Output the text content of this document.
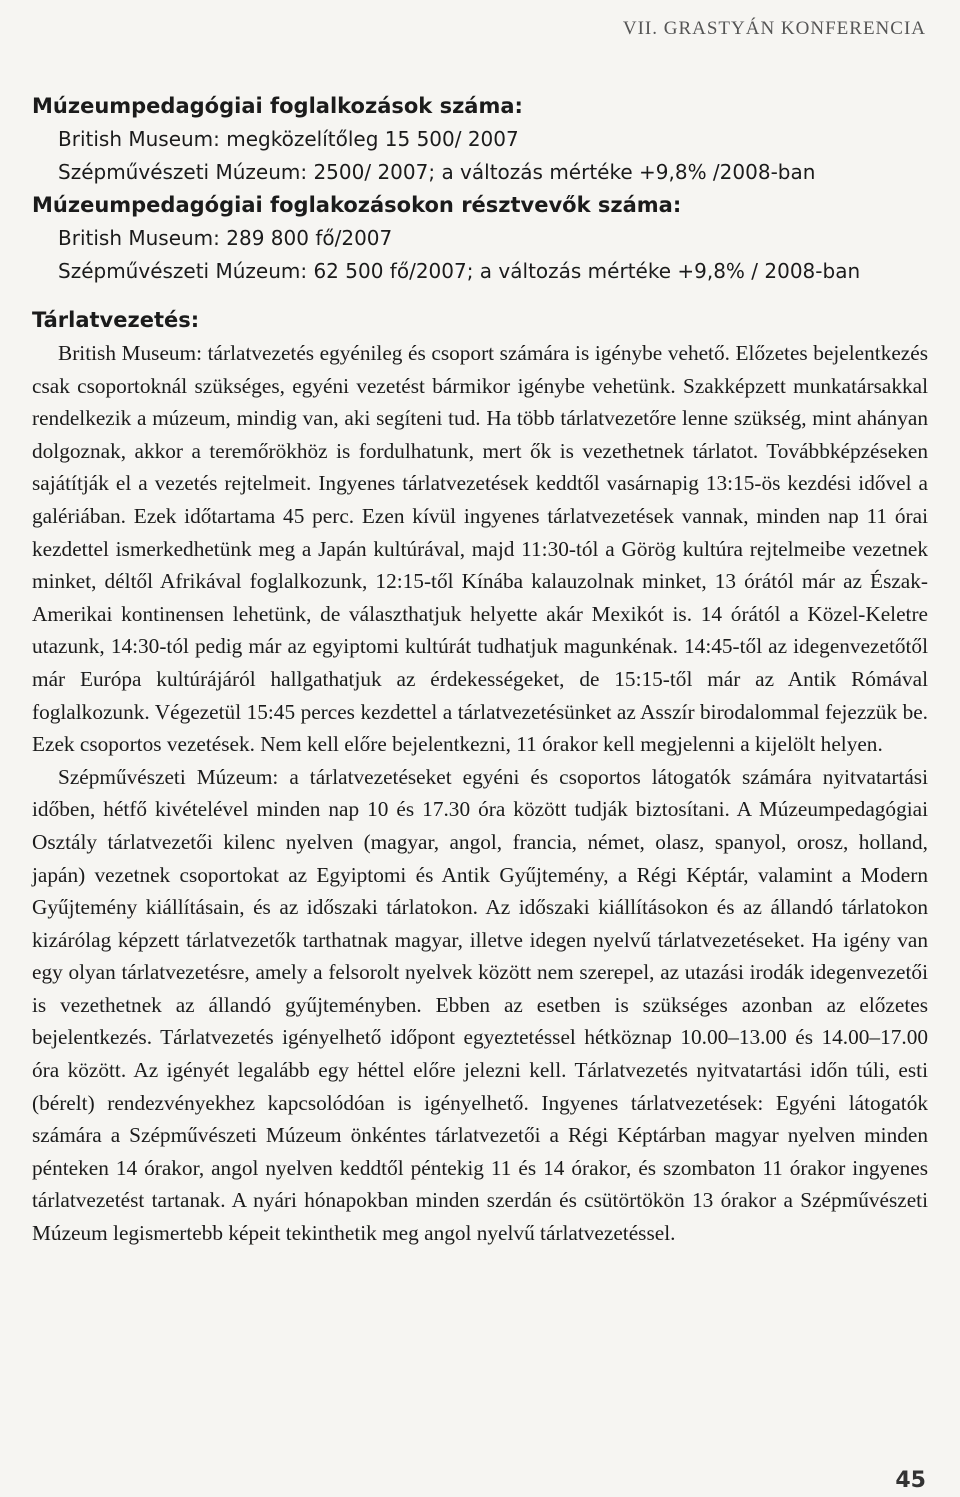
VII. GRASTYÁN KONFERENCIA
Múzeumpedagógiai foglalkozások száma:

British Museum: megközelítőleg 15 500/ 2007

Szépművészeti Múzeum: 2500/ 2007; a változás mértéke +9,8% /2008-ban

Múzeumpedagógiai foglakozásokon résztvevők száma:

British Museum: 289 800 fő/2007

Szépművészeti Múzeum: 62 500 fő/2007; a változás mértéke +9,8% / 2008-ban

Tárlatvezetés:

British Museum: tárlatvezetés egyénileg és csoport számára is igénybe vehető. Előzetes bejelentkezés csak csoportoknál szükséges, egyéni vezetést bármikor igénybe vehetünk. Szakképzett munkatársakkal rendelkezik a múzeum, mindig van, aki segíteni tud. Ha több tárlatvezetőre lenne szükség, mint ahányan dolgoznak, akkor a teremőrökhöz is fordulhatunk, mert ők is vezethetnek tárlatot. Továbbképzéseken sajátítják el a vezetés rejtelmeit. Ingyenes tárlatvezetések keddtől vasárnapig 13:15-ös kezdési idővel a galériában. Ezek időtartama 45 perc. Ezen kívül ingyenes tárlatvezetések vannak, minden nap 11 órai kezdettel ismerkedhetünk meg a Japán kultúrával, majd 11:30-tól a Görög kultúra rejtelmeibe vezetnek minket, déltől Afrikával foglalkozunk, 12:15-től Kínába kalauzolnak minket, 13 órától már az Észak-Amerikai kontinensen lehetünk, de választhatjuk helyette akár Mexikót is. 14 órától a Közel-Keletre utazunk, 14:30-tól pedig már az egyiptomi kultúrát tudhatjuk magunkénak. 14:45-től az idegenvezetőtől már Európa kultúrájáról hallgathatjuk az érdekességeket, de 15:15-től már az Antik Rómával foglalkozunk. Végezetül 15:45 perces kezdettel a tárlatvezetésünket az Asszír birodalommal fejezzük be. Ezek csoportos vezetések. Nem kell előre bejelentkezni, 11 órakor kell megjelenni a kijelölt helyen.

Szépművészeti Múzeum: a tárlatvezetéseket egyéni és csoportos látogatók számára nyitvatartási időben, hétfő kivételével minden nap 10 és 17.30 óra között tudják biztosítani. A Múzeumpedagógiai Osztály tárlatvezetői kilenc nyelven (magyar, angol, francia, német, olasz, spanyol, orosz, holland, japán) vezetnek csoportokat az Egyiptomi és Antik Gyűjtemény, a Régi Képtár, valamint a Modern Gyűjtemény kiállításain, és az időszaki tárlatokon. Az időszaki kiállításokon és az állandó tárlatokon kizárólag képzett tárlatvezetők tarthatnak magyar, illetve idegen nyelvű tárlatvezetéseket. Ha igény van egy olyan tárlatvezetésre, amely a felsorolt nyelvek között nem szerepel, az utazási irodák idegenvezetői is vezethetnek az állandó gyűjteményben. Ebben az esetben is szükséges azonban az előzetes bejelentkezés. Tárlatvezetés igényelhető időpont egyeztetéssel hétköznap 10.00–13.00 és 14.00–17.00 óra között. Az igényét legalább egy héttel előre jelezni kell. Tárlatvezetés nyitvatartási időn túli, esti (bérelt) rendezvényekhez kapcsolódóan is igényelhető. Ingyenes tárlatvezetések: Egyéni látogatók számára a Szépművészeti Múzeum önkéntes tárlatvezetői a Régi Képtárban magyar nyelven minden pénteken 14 órakor, angol nyelven keddtől péntekig 11 és 14 órakor, és szombaton 11 órakor ingyenes tárlatvezetést tartanak. A nyári hónapokban minden szerdán és csütörtökön 13 órakor a Szépművészeti Múzeum legismertebb képeit tekinthetik meg angol nyelvű tárlatvezetéssel.

45
